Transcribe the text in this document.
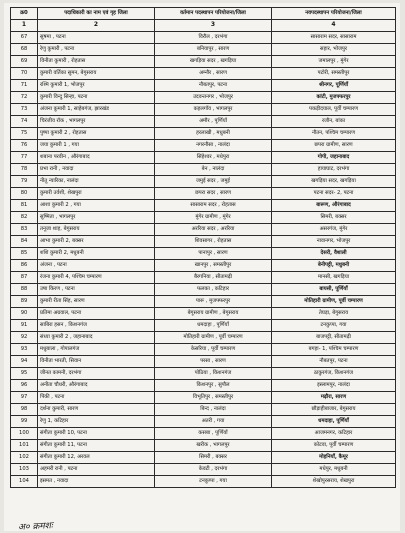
क्र0	पदाधिकारी का नाम एवं गृह जिला	वर्तमान पदस्थापन परियोजना/जिला	नवपदस्थापन परियोजना/जिला
1	2	3	4
67	सुषमा , पटना	विरौल , दरभंगा	सासाराम सदर, सासाराम
68	रेणु कुमारी , पटना	बनियापुर , सारण	सहार, भोजपुर
69	विनीता कुमारी , रोहतास	खगड़िया सदर , खगड़िया	जमालपुर , मुंगेर
70	कुमारी वर्तिका सुमन, बेगुसराय	अम्नौर , सारण	पटोरी, समस्तीपुर
71	रश्मि कुमारी 1, भोजपुर	नौबतपुर, पटना	श्रीनगर, पूर्णियाँ
72	कुमारी विन्दु सिन्हा, पटना	उदवन्तनगर , भोजपुर	कांटी, मुजफ्फरपुर
73	अंजना कुमारी 1, साहेबगंज, झारखंड	कहलगाँव , भागलपुर	पकड़ीदयाल, पूर्वी चम्पारण
74	चिरंजीव रॉक , भागलपुर	अमौर , पूर्णियाँ	रजौन, बांका
75	पुष्पा कुमारी 2 , रोहतास	हरलाखी , मधुबनी	नौतन, पश्चिम चम्पारण
76	जया कुमारी 1 , गया	नगरनौसा , नालंदा	छपरा ग्रामीण, सारण
77	शबाना परवीन , औरंगाबाद	सिंहेश्वर , मधेपुरा	गोपी, जहानाबाद
78	प्रभा रानी , नवादा	बेन , नालंदा	हायाघाट, दरभंगा
79	नीतू न्यारिका, नालंदा	जमुई सदर , जमुई	खगड़िया सदर, खगड़िया
80	कुमारी उर्वशी, शेखपुरा	छपरा सदर , सारण	पटना सदर- 2, पटना
81	आशा कुमारी 2 , गया	सासाराम सदर , रोहतास	बारूण, औरंगाबाद
82	सुष्मिता , भागलपुर	मुंगेर ग्रामीण , मुंगेर	सिमरी, बक्सर
83	तनूजा शाह, बेगुसराय	अररिया सदर , अररिया	असरगंज, मुंगेर
84	आभा कुमारी 2, बक्सर	शिवसागर , रोहतास	नावानगर, भोजपुर
85	शशि कुमारी 2, मधुबनी	पानापुर , सारण	देसरी, वैशाली
86	अंजना , पटना	खानपुर , समस्तीपुर	बेनीपट्टी, मधुबनी
87	रंजना कुमारी 4, पश्चिम चम्पारण	बैरगनिया , सीतामढ़ी	मानसी, खगड़िया
88	उषा किरण , पटना	फलका , कटिहार	बायसी, पूर्णियाँ
89	कुमारी रीता सिंह, सारण	पारू , मुजफ्फरपुर	मोतिहारी ग्रामीण, पूर्वी चम्पारण
90	प्रतिमा अग्रवाल, पटना	बेगूसराय ग्रामीण , बेगूसराय	तेघड़ा, बेगुसराय
91	साबिरा हसन , किशनगंज	धमदाहा , पूर्णियाँ	टनकुप्पा, गया
92	संध्या कुमारी 2 , जहानाबाद	मोतिहारी ग्रामीण , पूर्वी चम्पारण	बाजपट्टी, सीतामढ़ी
93	मधुबाला , गोपालगंज	केसरिया , पूर्वी चम्पारण	बगहा- 1, पश्चिम चम्पारण
94	विनीता भारती, सिवान	परसा , सारण	नौबतपुर, पटना
95	जीनत कामनी, दरभंगा	पोठिया , किशनगंज	ठाकुरगंज, किशनगंज
96	अनीता चौधरी, औरंगाबाद	किशनपुर , सुपौल	इस्लामपुर, नालंदा
97	पिंकी , पटना	विभूतिपुर , समस्तीपुर	मढ़ौरा, सारण
98	दर्शना कुमारी, सारण	बिन्द , नालंदा	छौड़ाहीबाजार, बेगुसराय
99	रेणु 1, कटिहार	अतरी , गया	धमदाहा, पूर्णियाँ
100	संगीता कुमारी 10, पटना	कसबा , पूर्णियाँ	आजमनगर, कटिहार
101	संगीता कुमारी 11, पटना	खरीक , भागलपुर	कोटवा, पूर्वी चम्पारण
102	संगीता कुमारी 12, अरवल	सिमरी , बक्सर	मोहनियाँ, कैमूर
103	अहमरी रानी , पटना	केवटी , दरभंगा	मधेपुर, मधुबनी
104	इसमत , नवादा	टनकुप्पा , गया	शेखोपुरसराय, शेखपुरा
अ० क्रमशः
